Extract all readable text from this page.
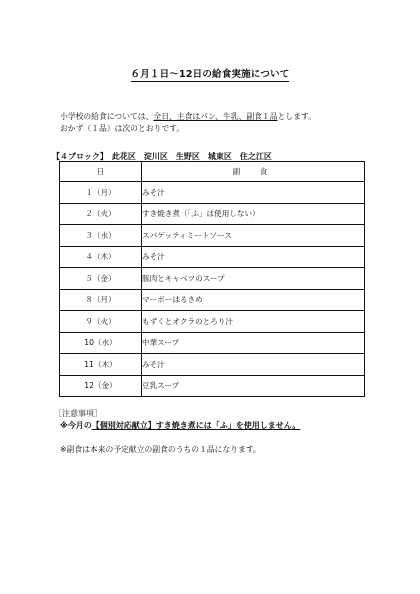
６月１日〜12日の給食実施について
小学校の給食については、全日、主食はパン、牛乳、副食１品とします。
おかず（１品）は次のとおりです。
【４ブロック】　此花区　淀川区　生野区　城東区　住之江区
日	副　食
１（月）	みそ汁
２（火）	すき焼き煮（「ふ」は使用しない）
３（水）	スパゲッティミートソース
４（木）	みそ汁
５（金）	豚肉とキャベツのスープ
８（月）	マーボーはるさめ
９（火）	もずくとオクラのとろり汁
10（水）	中華スープ
11（木）	みそ汁
12（金）	豆乳スープ
［注意事項］
※今月の【個別対応献立】すき焼き煮には「ふ」を使用しません。
※副食は本来の予定献立の副食のうちの１品になります。
